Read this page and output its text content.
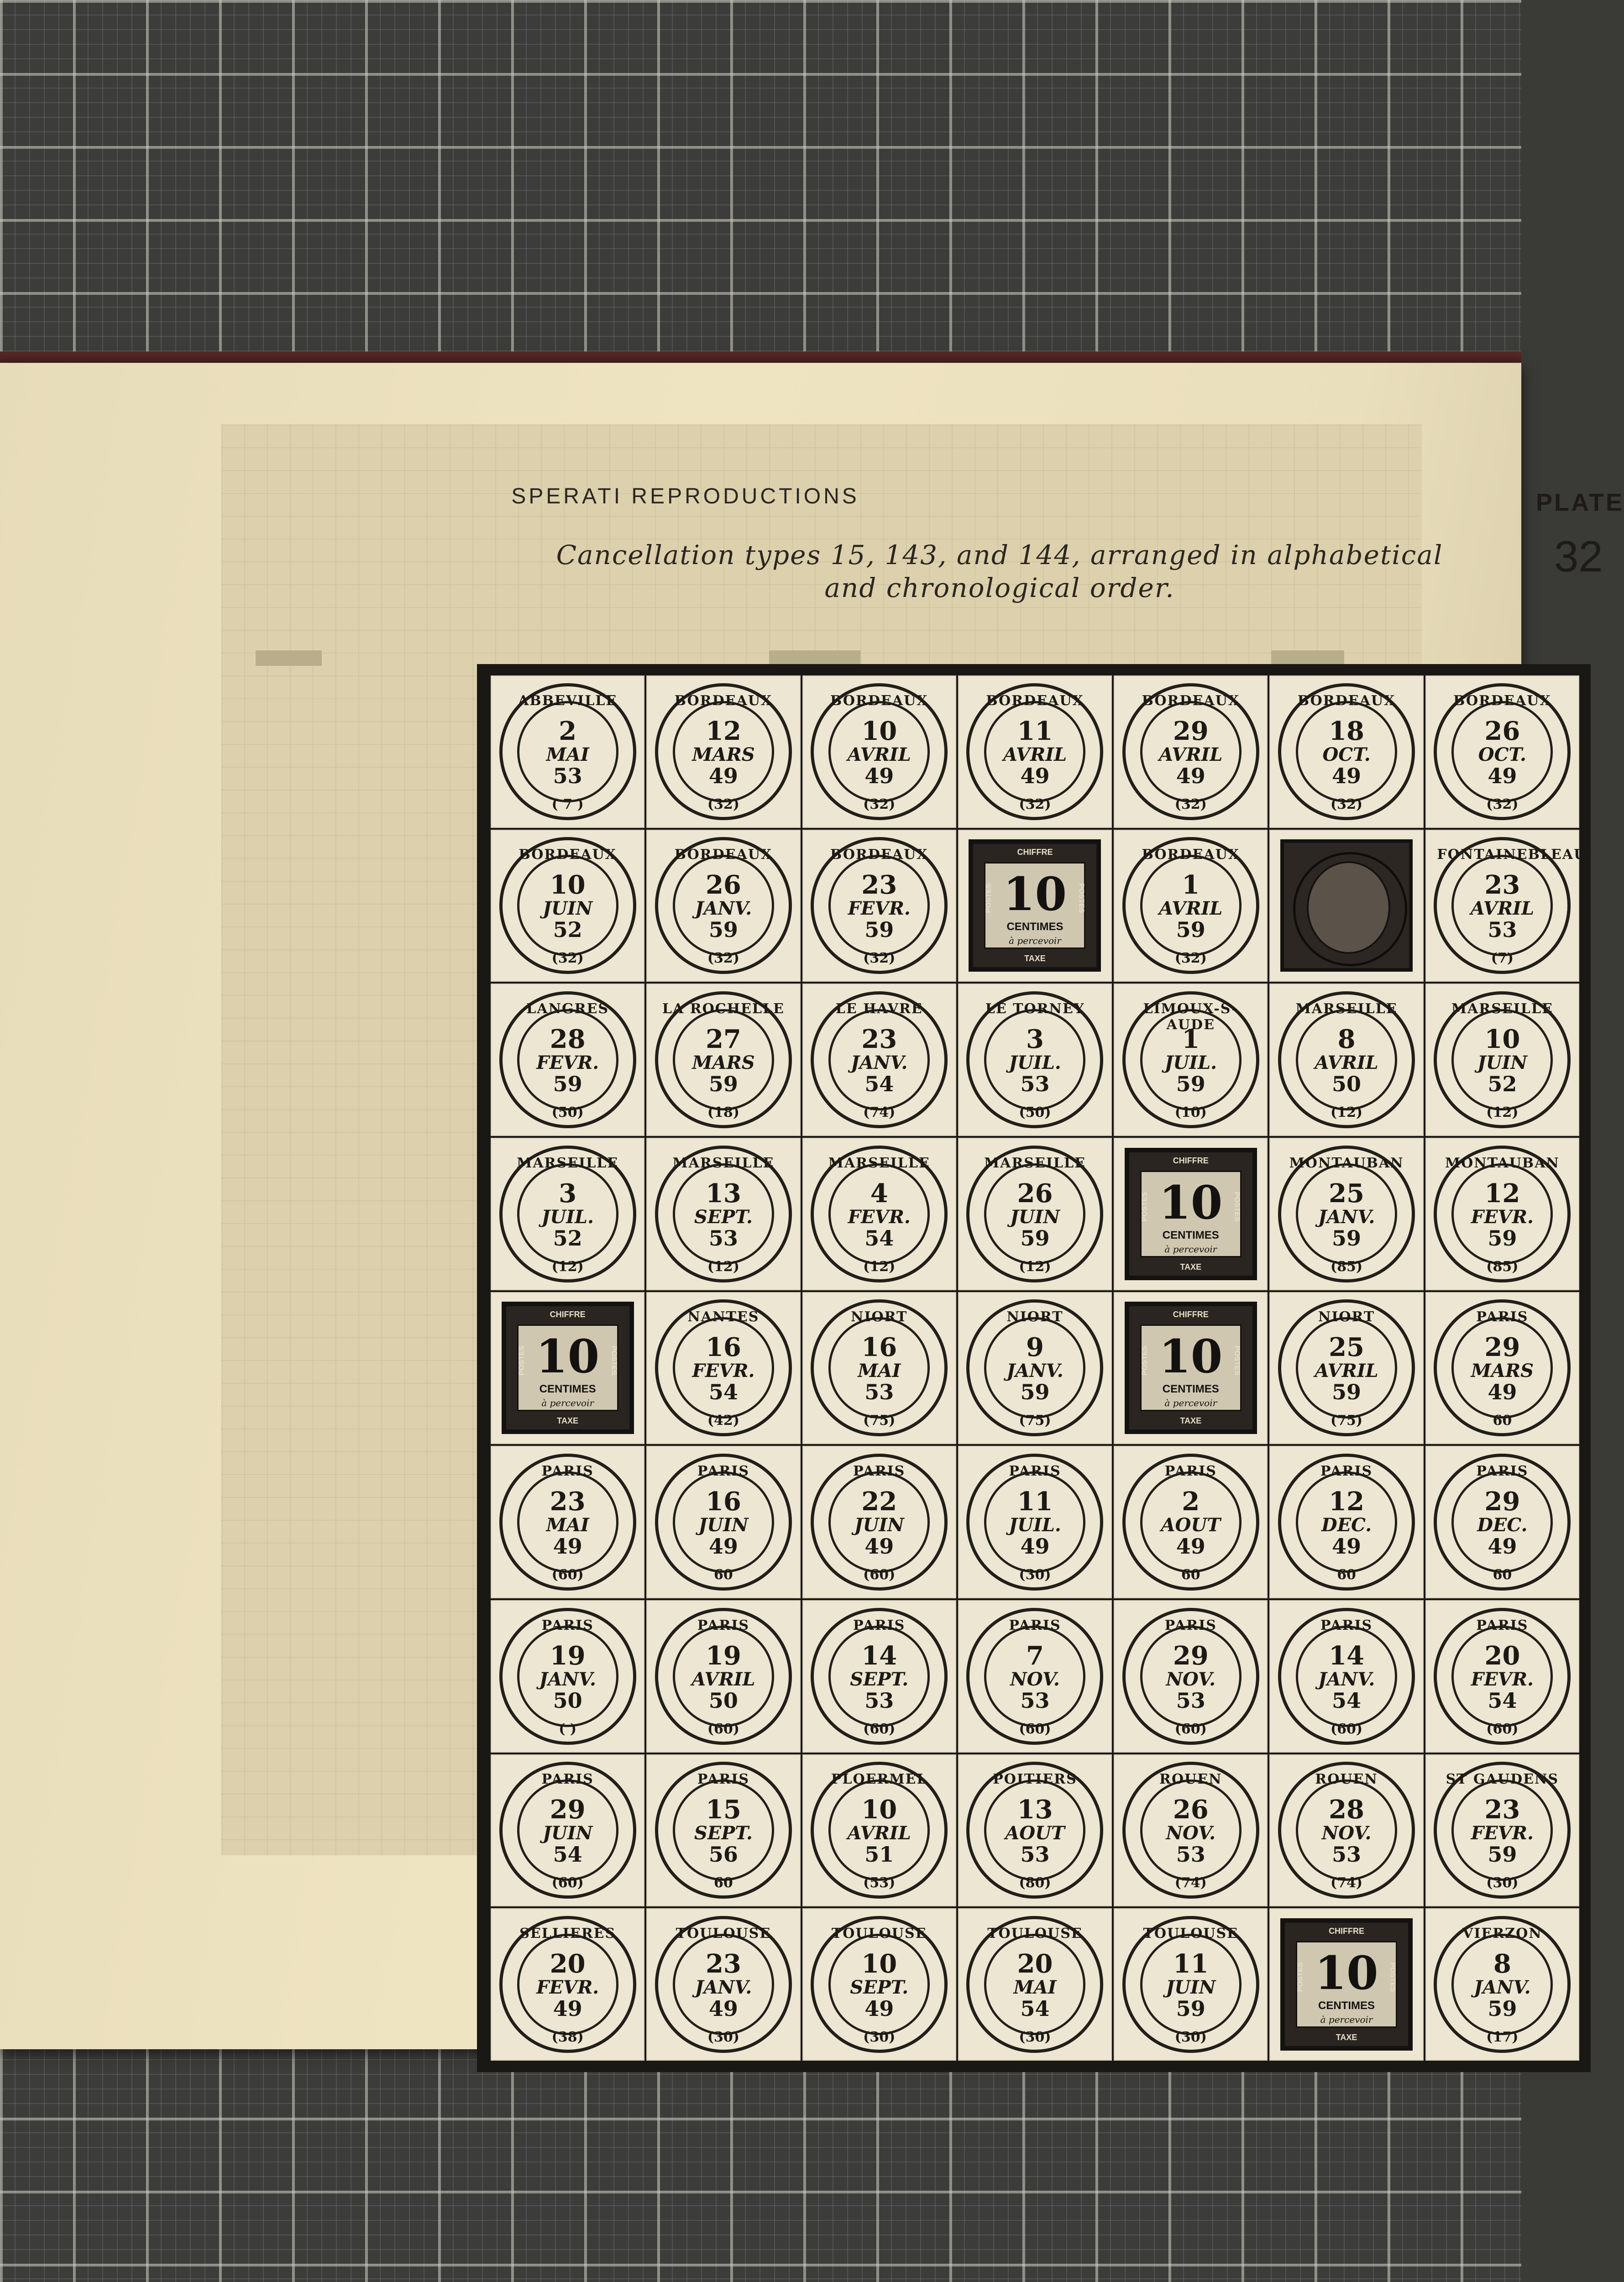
SPERATI REPRODUCTIONS	PLATE
32
Cancellation types 15, 143, and 144, arranged in alphabetical
and chronological order.
ABBEVILLE
2
MAI
53
( 7 )
BORDEAUX
12
MARS
49
(32)
BORDEAUX
10
AVRIL
49
(32)
BORDEAUX
11
AVRIL
49
(32)
BORDEAUX
29
AVRIL
49
(32)
BORDEAUX
18
OCT.
49
(32)
BORDEAUX
26
OCT.
49
(32)
BORDEAUX
10
JUIN
52
(32)
BORDEAUX
26
JANV.
59
(32)
BORDEAUX
23
FEVR.
59
(32)
CHIFFRE
TAXE
10
CENTIMES
à percevoir
POSTES	POSTES
BORDEAUX
1
AVRIL
59
(32)
FONTAINEBLEAU
23
AVRIL
53
(7)
LANGRES
28
FEVR.
59
(50)
LA ROCHELLE
27
MARS
59
(18)
LE HAVRE
23
JANV.
54
(74)
LE TORNEY
3
JUIL.
53
(50)
LIMOUX-S-AUDE
1
JUIL.
59
(10)
MARSEILLE
8
AVRIL
50
(12)
MARSEILLE
10
JUIN
52
(12)
MARSEILLE
3
JUIL.
52
(12)
MARSEILLE
13
SEPT.
53
(12)
MARSEILLE
4
FEVR.
54
(12)
MARSEILLE
26
JUIN
59
(12)
CHIFFRE
TAXE
10
CENTIMES
à percevoir
POSTES	POSTES
MONTAUBAN
25
JANV.
59
(85)
MONTAUBAN
12
FEVR.
59
(85)
CHIFFRE
TAXE
10
CENTIMES
à percevoir
POSTES	POSTES
NANTES
16
FEVR.
54
(42)
NIORT
16
MAI
53
(75)
NIORT
9
JANV.
59
(75)
CHIFFRE
TAXE
10
CENTIMES
à percevoir
POSTES	POSTES
NIORT
25
AVRIL
59
(75)
PARIS
29
MARS
49
60
PARIS
23
MAI
49
(60)
PARIS
16
JUIN
49
60
PARIS
22
JUIN
49
(60)
PARIS
11
JUIL.
49
(30)
PARIS
2
AOUT
49
60
PARIS
12
DEC.
49
60
PARIS
29
DEC.
49
60
PARIS
19
JANV.
50
( )
PARIS
19
AVRIL
50
(60)
PARIS
14
SEPT.
53
(60)
PARIS
7
NOV.
53
(60)
PARIS
29
NOV.
53
(60)
PARIS
14
JANV.
54
(60)
PARIS
20
FEVR.
54
(60)
PARIS
29
JUIN
54
(60)
PARIS
15
SEPT.
56
60
PLOERMEL
10
AVRIL
51
(53)
POITIERS
13
AOUT
53
(80)
ROUEN
26
NOV.
53
(74)
ROUEN
28
NOV.
53
(74)
ST GAUDENS
23
FEVR.
59
(30)
SELLIERES
20
FEVR.
49
(38)
TOULOUSE
23
JANV.
49
(30)
TOULOUSE
10
SEPT.
49
(30)
TOULOUSE
20
MAI
54
(30)
TOULOUSE
11
JUIN
59
(30)
CHIFFRE
TAXE
10
CENTIMES
à percevoir
POSTES	POSTES
VIERZON
8
JANV.
59
(17)
